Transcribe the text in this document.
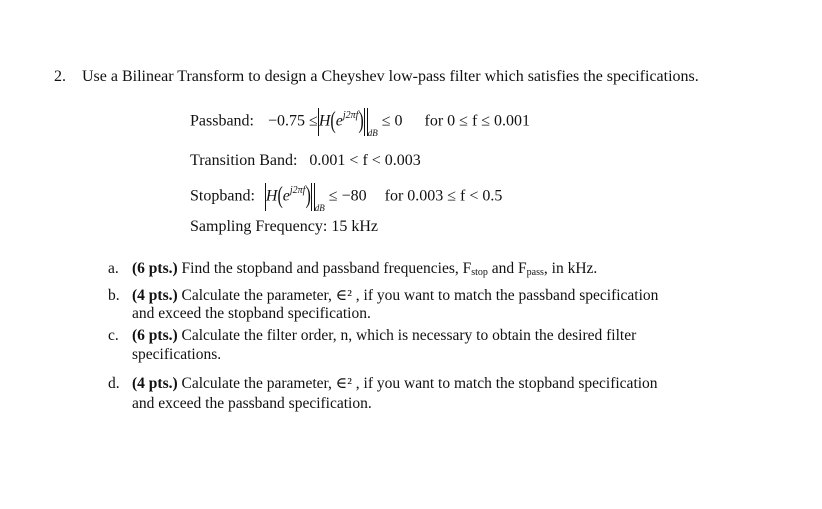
2. Use a Bilinear Transform to design a Cheyshev low-pass filter which satisfies the specifications.
Passband: $-0.75 \le H(e^{j2\pi f}) _{dB} \le 0$ for 0 ≤ f ≤ 0.001
Transition Band: 0.001 < f < 0.003
Stopband: $H(e^{j2\pi f}) _{dB} \le -80$ for 0.003 ≤ f < 0.5
Sampling Frequency: 15 kHz
a. (6 pts.) Find the stopband and passband frequencies, Fstop and Fpass, in kHz.
b. (4 pts.) Calculate the parameter, ∈² , if you want to match the passband specification
and exceed the stopband specification.
c. (6 pts.) Calculate the filter order, n, which is necessary to obtain the desired filter
specifications.
d. (4 pts.) Calculate the parameter, ∈² , if you want to match the stopband specification
and exceed the passband specification.
